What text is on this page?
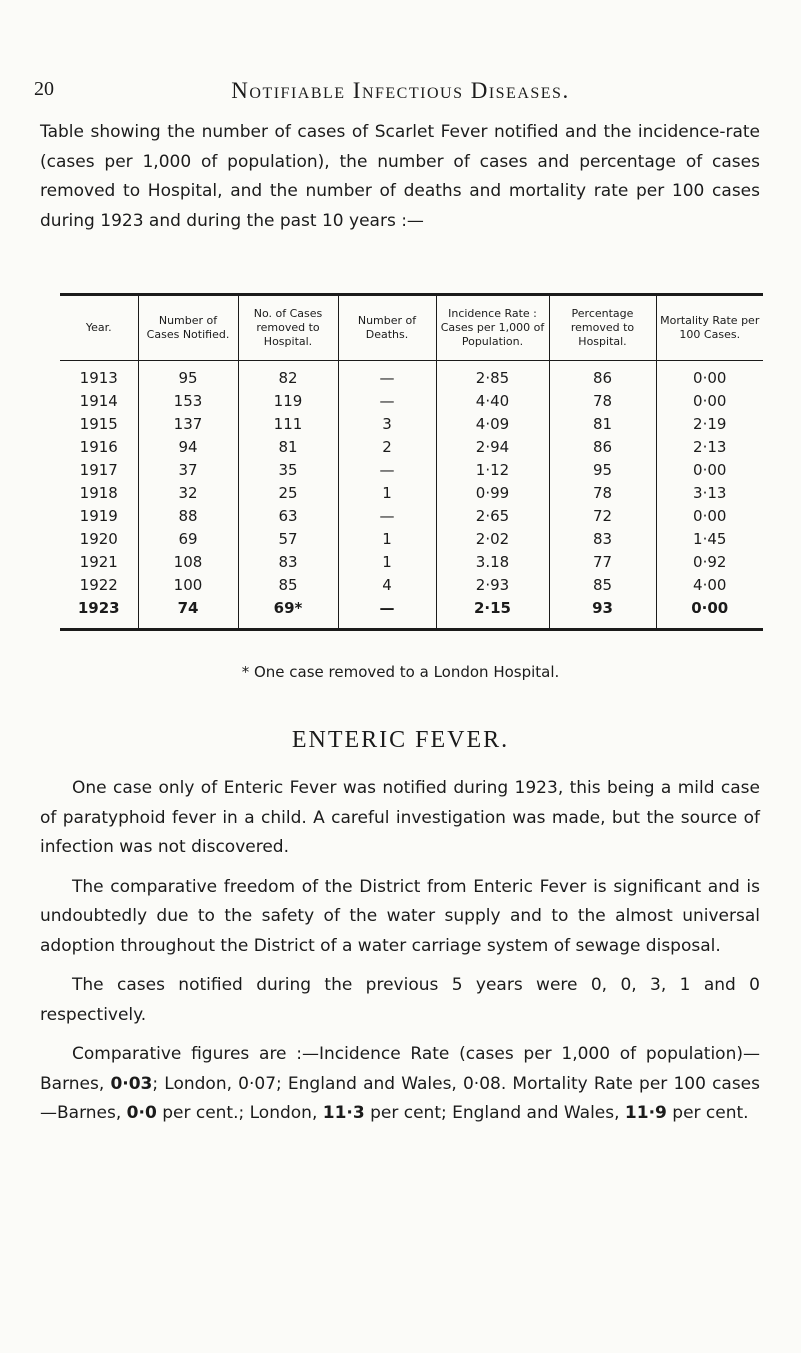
20	Notifiable Infectious Diseases.
Table showing the number of cases of Scarlet Fever notified and the incidence-rate (cases per 1,000 of population), the number of cases and percentage of cases removed to Hospital, and the number of deaths and mortality rate per 100 cases during 1923 and during the past 10 years :—
Year.	Number of Cases Notified.	No. of Cases removed to Hospital.	Number of Deaths.	Incidence Rate : Cases per 1,000 of Population.	Percentage removed to Hospital.	Mortality Rate per 100 Cases.
1913	95	82	—	2·85	86	0·00
1914	153	119	—	4·40	78	0·00
1915	137	111	3	4·09	81	2·19
1916	94	81	2	2·94	86	2·13
1917	37	35	—	1·12	95	0·00
1918	32	25	1	0·99	78	3·13
1919	88	63	—	2·65	72	0·00
1920	69	57	1	2·02	83	1·45
1921	108	83	1	3.18	77	0·92
1922	100	85	4	2·93	85	4·00
1923	74	69*	—	2·15	93	0·00
* One case removed to a London Hospital.
ENTERIC FEVER.

One case only of Enteric Fever was notified during 1923, this being a mild case of paratyphoid fever in a child. A careful investigation was made, but the source of infection was not discovered.

The comparative freedom of the District from Enteric Fever is significant and is undoubtedly due to the safety of the water supply and to the almost universal adoption throughout the District of a water carriage system of sewage disposal.

The cases notified during the previous 5 years were 0, 0, 3, 1 and 0 respectively.

Comparative figures are :—Incidence Rate (cases per 1,000 of population)—Barnes, 0·03; London, 0·07; England and Wales, 0·08. Mortality Rate per 100 cases—Barnes, 0·0 per cent.; London, 11·3 per cent; England and Wales, 11·9 per cent.
